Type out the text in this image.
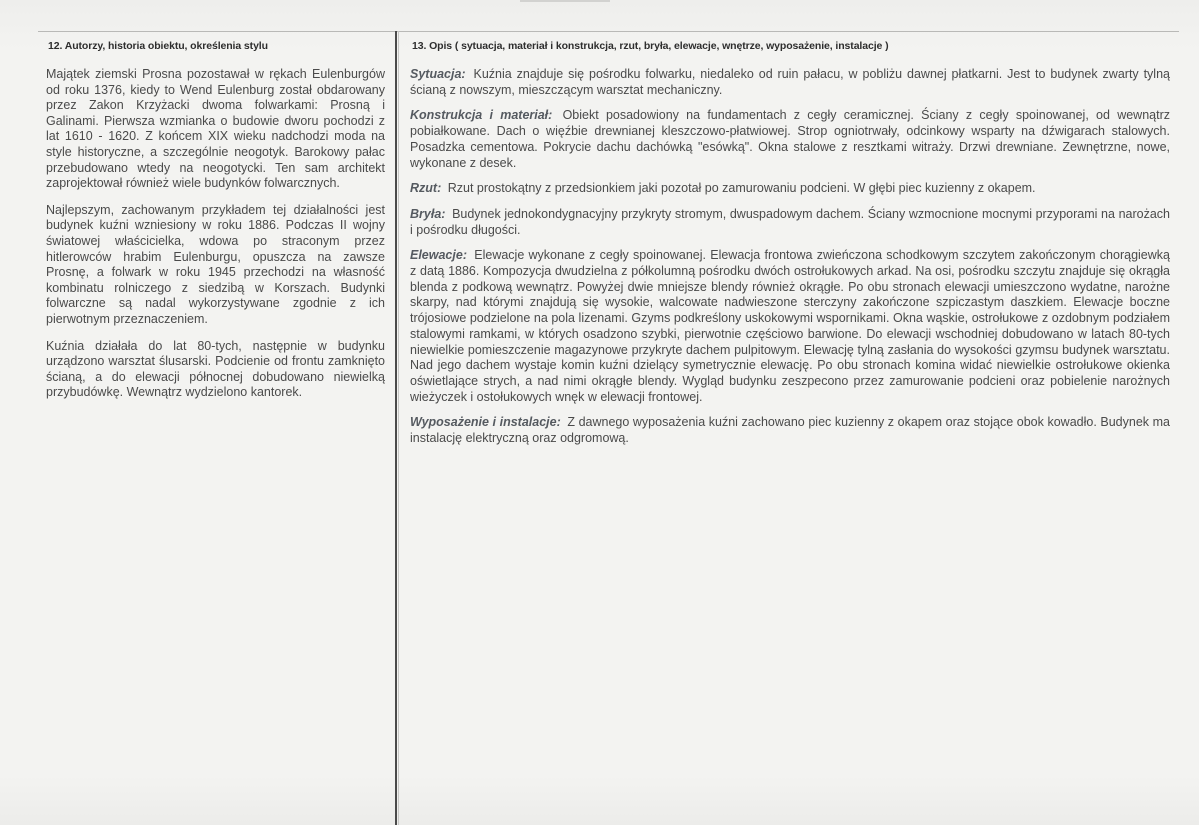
12. Autorzy, historia obiektu, określenia stylu

Majątek ziemski Prosna pozostawał w rękach Eulenburgów od roku 1376, kiedy to Wend Eulenburg został obdarowany przez Zakon Krzyżacki dwoma folwarkami: Prosną i Galinami. Pierwsza wzmianka o budowie dworu pochodzi z lat 1610 - 1620. Z końcem XIX wieku nadchodzi moda na style historyczne, a szczególnie neogotyk. Barokowy pałac przebudowano wtedy na neogotycki. Ten sam architekt zaprojektował również wiele budynków folwarcznych.

Najlepszym, zachowanym przykładem tej działalności jest budynek kuźni wzniesiony w roku 1886. Podczas II wojny światowej właścicielka, wdowa po straconym przez hitlerowców hrabim Eulenburgu, opuszcza na zawsze Prosnę, a folwark w roku 1945 przechodzi na własność kombinatu rolniczego z siedzibą w Korszach. Budynki folwarczne są nadal wykorzystywane zgodnie z ich pierwotnym przeznaczeniem.

Kuźnia działała do lat 80-tych, następnie w budynku urządzono warsztat ślusarski. Podcienie od frontu zamknięto ścianą, a do elewacji północnej dobudowano niewielką przybudówkę. Wewnątrz wydzielono kantorek.

13. Opis ( sytuacja, materiał i konstrukcja, rzut, bryła, elewacje, wnętrze, wyposażenie, instalacje )
Sytuacja: Kuźnia znajduje się pośrodku folwarku, niedaleko od ruin pałacu, w pobliżu dawnej płatkarni. Jest to budynek zwarty tylną ścianą z nowszym, mieszczącym warsztat mechaniczny.
Konstrukcja i materiał: Obiekt posadowiony na fundamentach z cegły ceramicznej. Ściany z cegły spoinowanej, od wewnątrz pobiałkowane. Dach o więźbie drewnianej kleszczowo-płatwiowej. Strop ogniotrwały, odcinkowy wsparty na dźwigarach stalowych. Posadzka cementowa. Pokrycie dachu dachówką "esówką". Okna stalowe z resztkami witraży. Drzwi drewniane. Zewnętrzne, nowe, wykonane z desek.
Rzut: Rzut prostokątny z przedsionkiem jaki pozotał po zamurowaniu podcieni. W głębi piec kuzienny z okapem.
Bryła: Budynek jednokondygnacyjny przykryty stromym, dwuspadowym dachem. Ściany wzmocnione mocnymi przyporami na narożach i pośrodku długości.
Elewacje: Elewacje wykonane z cegły spoinowanej. Elewacja frontowa zwieńczona schodkowym szczytem zakończonym chorągiewką z datą 1886. Kompozycja dwudzielna z półkolumną pośrodku dwóch ostrołukowych arkad. Na osi, pośrodku szczytu znajduje się okrągła blenda z podkową wewnątrz. Powyżej dwie mniejsze blendy również okrągłe. Po obu stronach elewacji umieszczono wydatne, narożne skarpy, nad którymi znajdują się wysokie, walcowate nadwieszone sterczyny zakończone szpiczastym daszkiem. Elewacje boczne trójosiowe podzielone na pola lizenami. Gzyms podkreślony uskokowymi wspornikami. Okna wąskie, ostrołukowe z ozdobnym podziałem stalowymi ramkami, w których osadzono szybki, pierwotnie częściowo barwione. Do elewacji wschodniej dobudowano w latach 80-tych niewielkie pomieszczenie magazynowe przykryte dachem pulpitowym. Elewację tylną zasłania do wysokości gzymsu budynek warsztatu. Nad jego dachem wystaje komin kuźni dzielący symetrycznie elewację. Po obu stronach komina widać niewielkie ostrołukowe okienka oświetlające strych, a nad nimi okrągłe blendy. Wygląd budynku zeszpecono przez zamurowanie podcieni oraz pobielenie narożnych wieżyczek i ostołukowych wnęk w elewacji frontowej.
Wyposażenie i instalacje: Z dawnego wyposażenia kuźni zachowano piec kuzienny z okapem oraz stojące obok kowadło. Budynek ma instalację elektryczną oraz odgromową.
